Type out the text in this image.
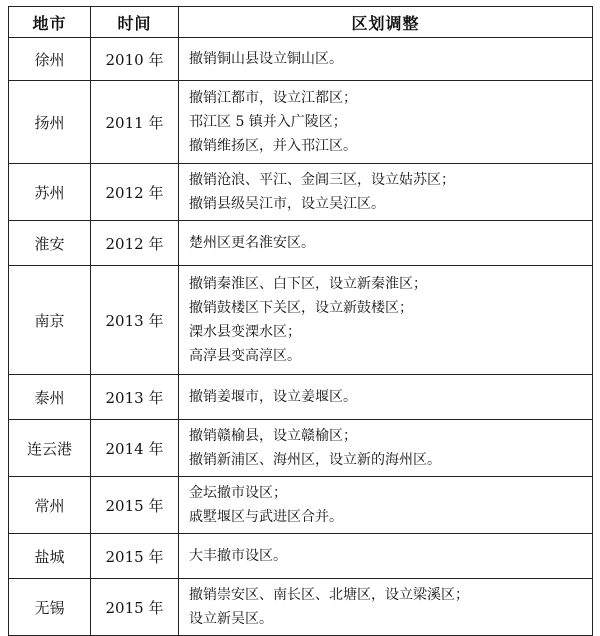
地市	时间	区划调整
徐州	2010 年	撤销铜山县设立铜山区。

扬州	2011 年	撤销江都市，设立江都区；
邗江区 5 镇并入广陵区；
撤销维扬区，并入邗江区。

苏州	2012 年	撤销沧浪、平江、金阊三区，设立姑苏区；
撤销县级吴江市，设立吴江区。

淮安	2012 年	楚州区更名淮安区。

南京	2013 年	撤销秦淮区、白下区，设立新秦淮区；
撤销鼓楼区下关区，设立新鼓楼区；
溧水县变溧水区；
高淳县变高淳区。

泰州	2013 年	撤销姜堰市，设立姜堰区。

连云港	2014 年	撤销赣榆县，设立赣榆区；
撤销新浦区、海州区，设立新的海州区。

常州	2015 年	金坛撤市设区；
戚墅堰区与武进区合并。

盐城	2015 年	大丰撤市设区。

无锡	2015 年	撤销崇安区、南长区、北塘区，设立梁溪区；
设立新吴区。
